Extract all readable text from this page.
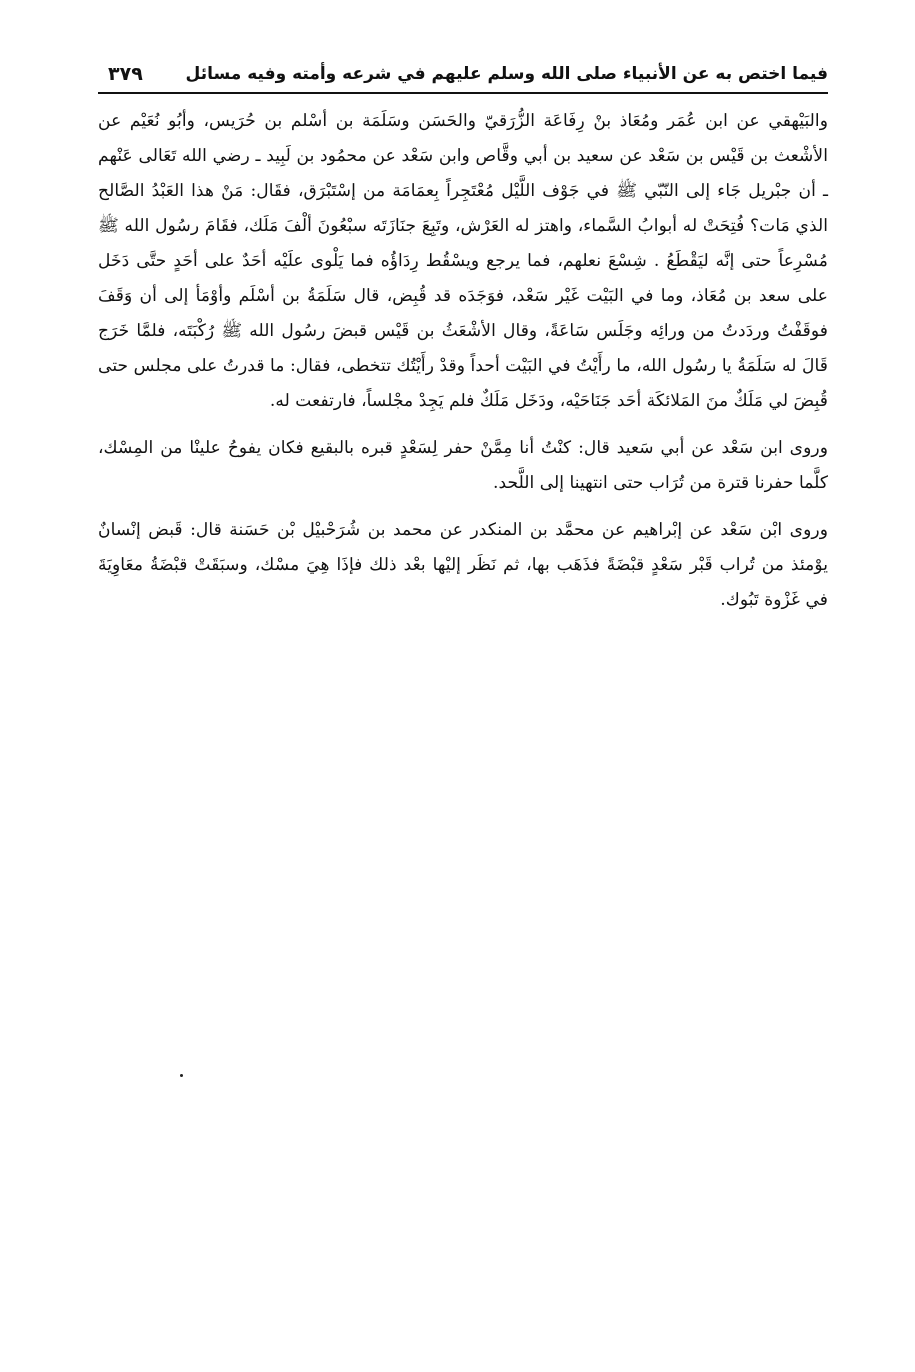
فيما اختص به عن الأنبياء صلى الله وسلم عليهم في شرعه وأمته وفيه مسائل
٣٧٩

والبَيْهقي عن ابن عُمَر ومُعَاذ بنْ رِفَاعَة الزُّرَقيّ والحَسَن وسَلَمَة بن أسْلم بن حُرَيس، وأبُو نُعَيْم عن الأشْعث بن قَيْس بن سَعْد عن سعيد بن أبي وقَّاص وابن سَعْد عن محمُود بن لَبِيد ـ رضي الله تَعَالى عَنْهم ـ أن جبْريل جَاء إلى النّبّي ﷺ في جَوْف اللَّيْل مُعْتَجِراً بِعمَامَة من إسْتَبْرَق، فقَال: مَنْ هذا العَبْدُ الصَّالح الذي مَات؟ فُتِحَتْ له أبوابُ السَّماء، واهتز له العَرْش، وتَبِعَ جنَازَتَه سبْعُونَ ألْفَ مَلَك، فقَامَ رسُول الله ﷺ مُسْرِعاً حتى إنَّه ليَقْطَعُ . شِسْعَ نعلهم، فما يرجع ويسْقُط رِدَاؤُه فما يَلْوى علَيْه أحَدٌ على أحَدٍ حتَّى دَخَل على سعد بن مُعَاذ، وما في البَيْت غَيْر سَعْد، فوَجَدَه قد قُبِض، قال سَلَمَةُ بن أسْلَم وأوْمَأ إلى أن وَقَفَ فوقَفْتُ وردَدتُ من ورائِه وجَلَس سَاعَةً، وقال الأشْعَثُ بن قَيْس قبضَ رسُول الله ﷺ رُكْبَتَه، فلمَّا خَرَج قَالَ له سَلَمَةُ يا رسُول الله، ما رأَيْتُ في البَيْت أحداً وقدْ رأَيْتُك تتخطى، فقال: ما قدرتُ على مجلس حتى قُبِضَ لي مَلَكٌ منَ المَلائكَة أحَد جَنَاحَيْه، ودَخَل مَلَكٌ فلم يَجِدْ مجْلساً، فارتفعت له.

وروى ابن سَعْد عن أبي سَعيد قال: كنْتُ أنا مِمَّنْ حفر لِسَعْدٍ قبره بالبقيع فكان يفوحُ علينْا من المِسْك، كلَّما حفرنا قترة من تُرَاب حتى انتهينا إلى اللَّحد.

وروى ابْن سَعْد عن إبْراهيم عن محمَّد بن المنكدر عن محمد بن شُرَحْبيْل بْن حَسَنة قال: قَبض إنْسانٌ يوْمئذ من تُراب قَبْر سَعْدٍ قبْضَةً فذَهَب بها، ثم نَظَر إليْها بعْد ذلك فإذَا هِيَ مسْك، وسبَقَتْ قبْضَةُ معَاوِيَةَ في غَزْوة تَبُوك.
